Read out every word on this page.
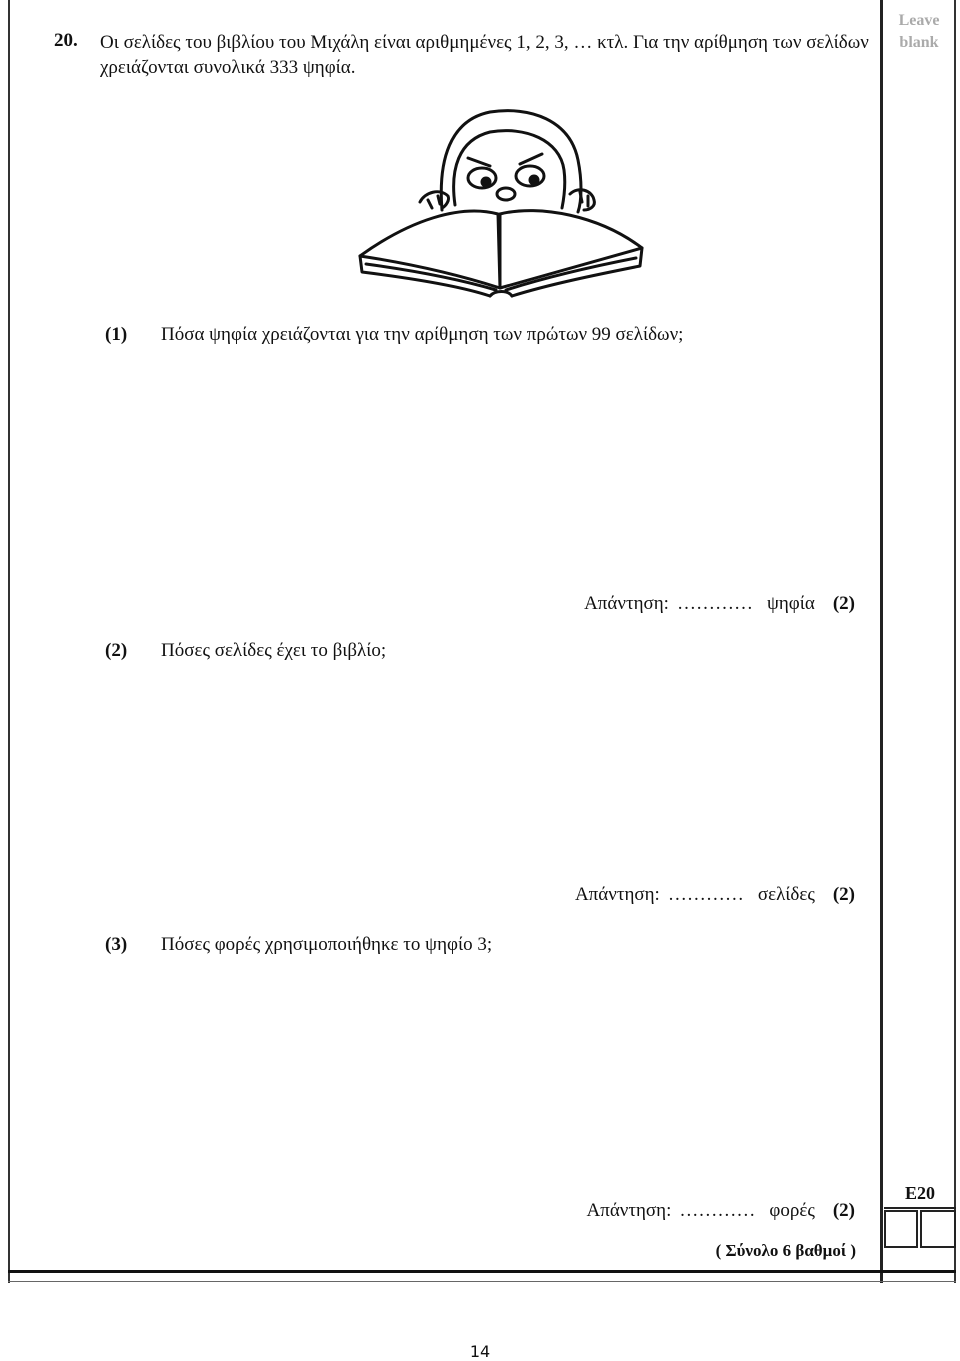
Leave blank
20. Οι σελίδες του βιβλίου του Μιχάλη είναι αριθμημένες 1, 2, 3, … κτλ. Για την αρίθμηση των σελίδων χρειάζονται συνολικά 333 ψηφία.
(1) Πόσα ψηφία χρειάζονται για την αρίθμηση των πρώτων 99 σελίδων;
Απάντηση: ………… ψηφία (2)
(2) Πόσες σελίδες έχει το βιβλίο;
Απάντηση: ………… σελίδες (2)
(3) Πόσες φορές χρησιμοποιήθηκε το ψηφίο 3;
Απάντηση: ………… φορές (2)
( Σύνολο 6 βαθμοί )
E20
14
